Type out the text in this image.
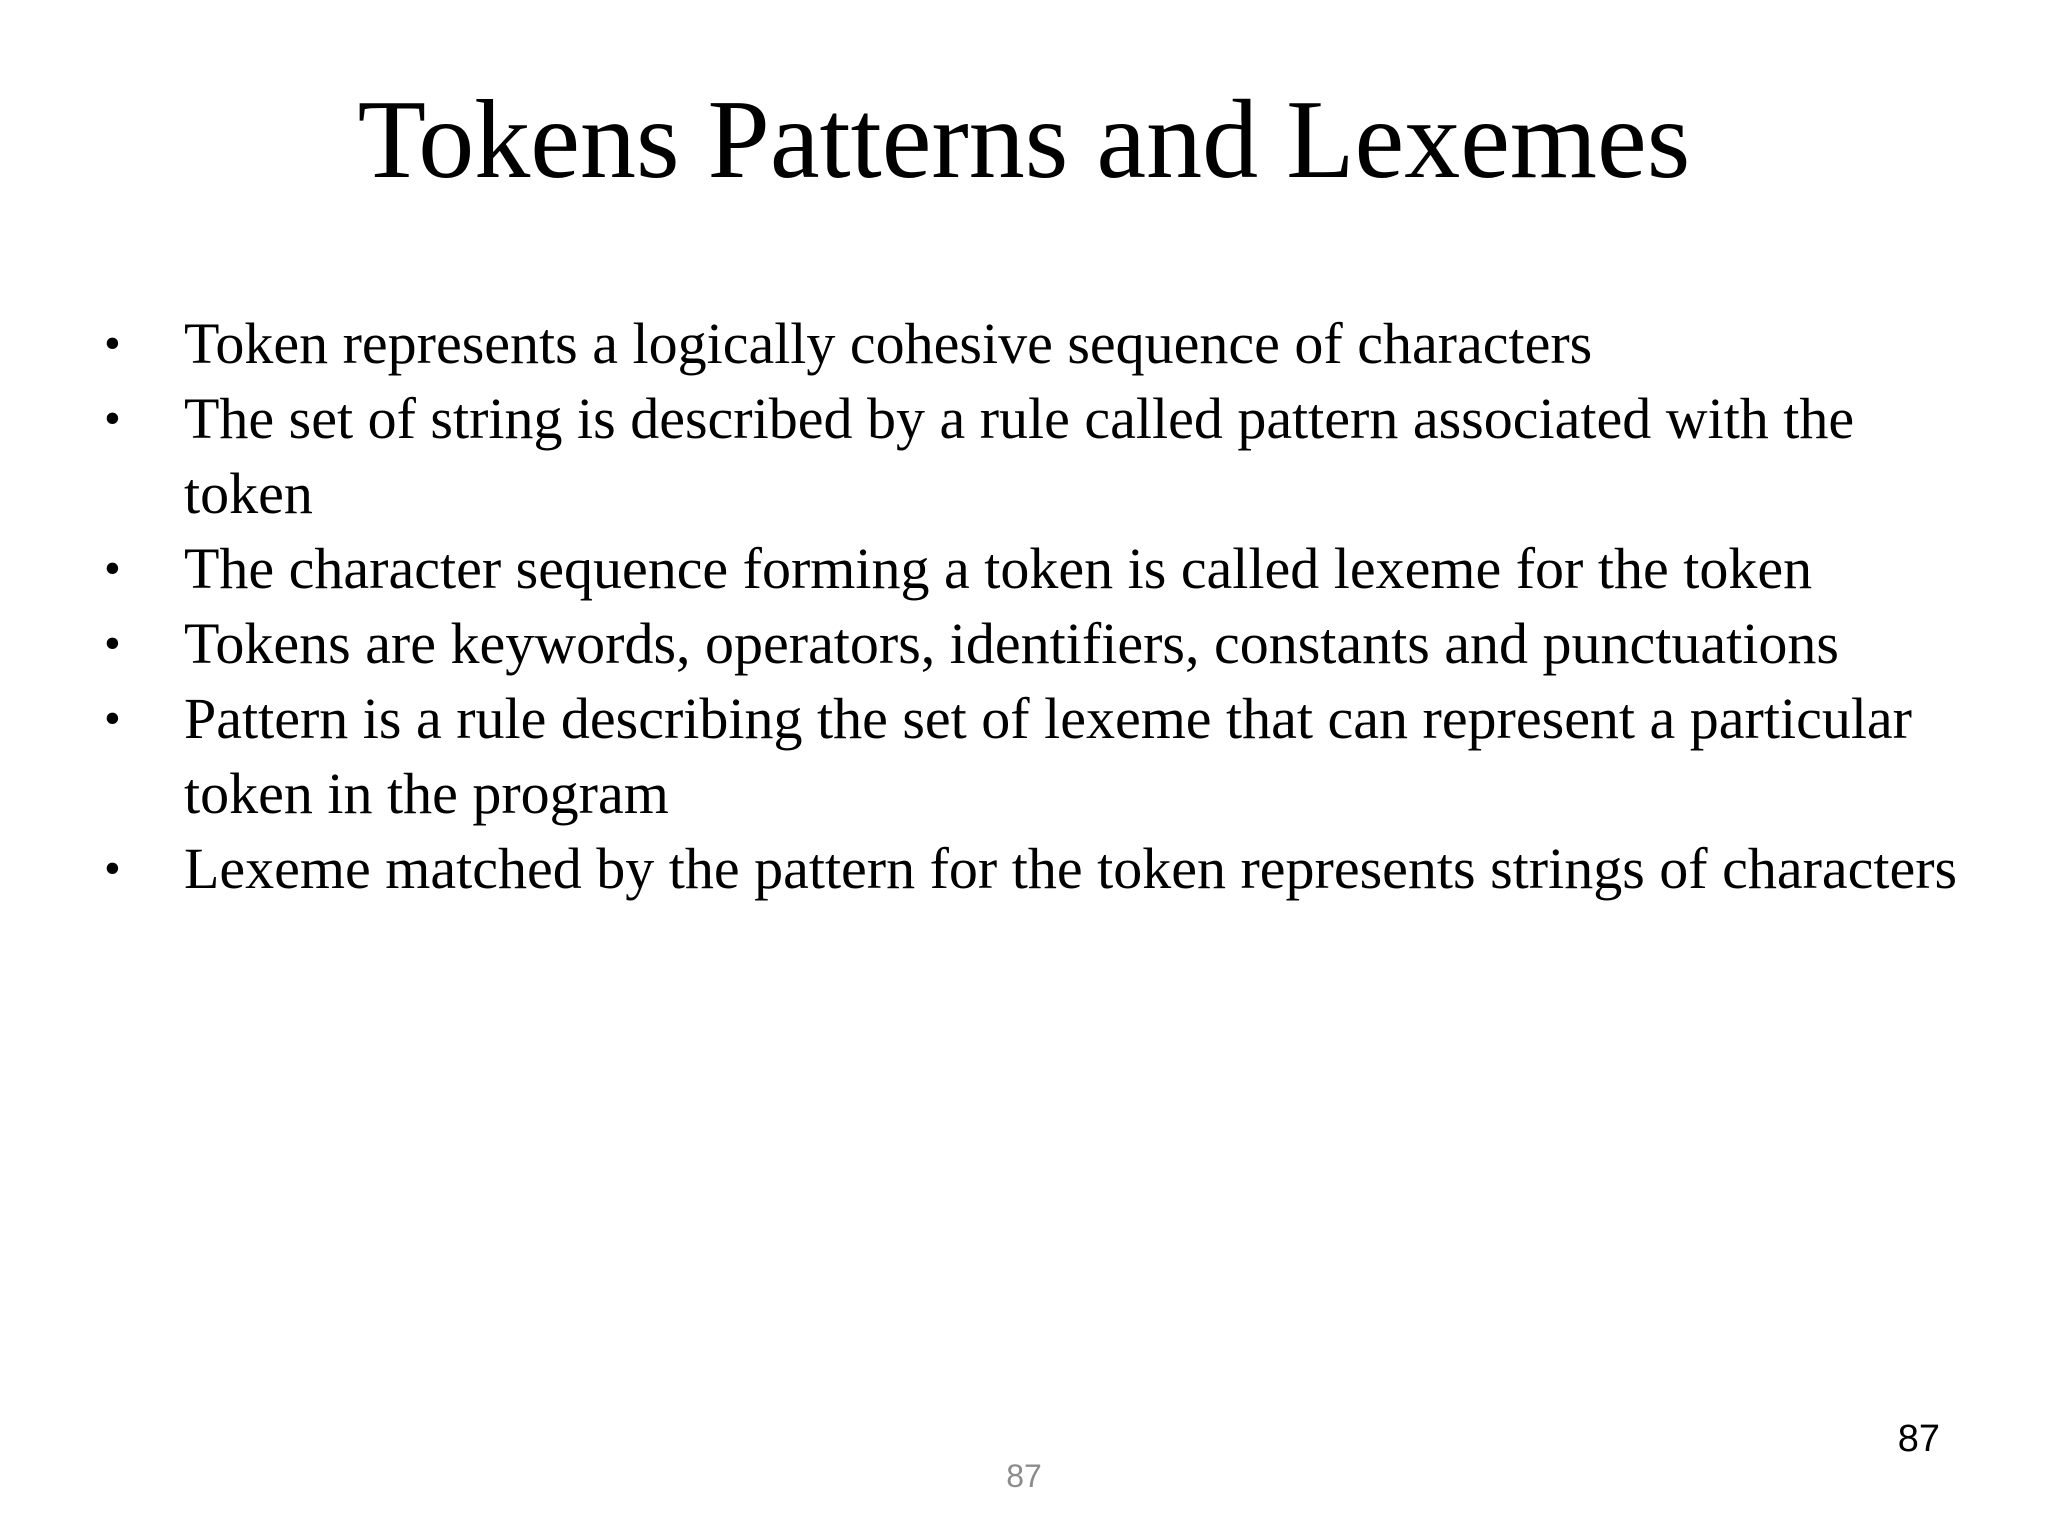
Tokens Patterns and Lexemes
•	Token represents a logically cohesive sequence of characters
•	The set of string is described by a rule called pattern associated with the token
•	The character sequence forming a token is called lexeme for the token
•	Tokens are keywords, operators, identifiers, constants and punctuations
•	Pattern is a rule describing the set of lexeme that can represent a particular token in the program
•	Lexeme matched by the pattern for the token represents strings of characters
87
87
